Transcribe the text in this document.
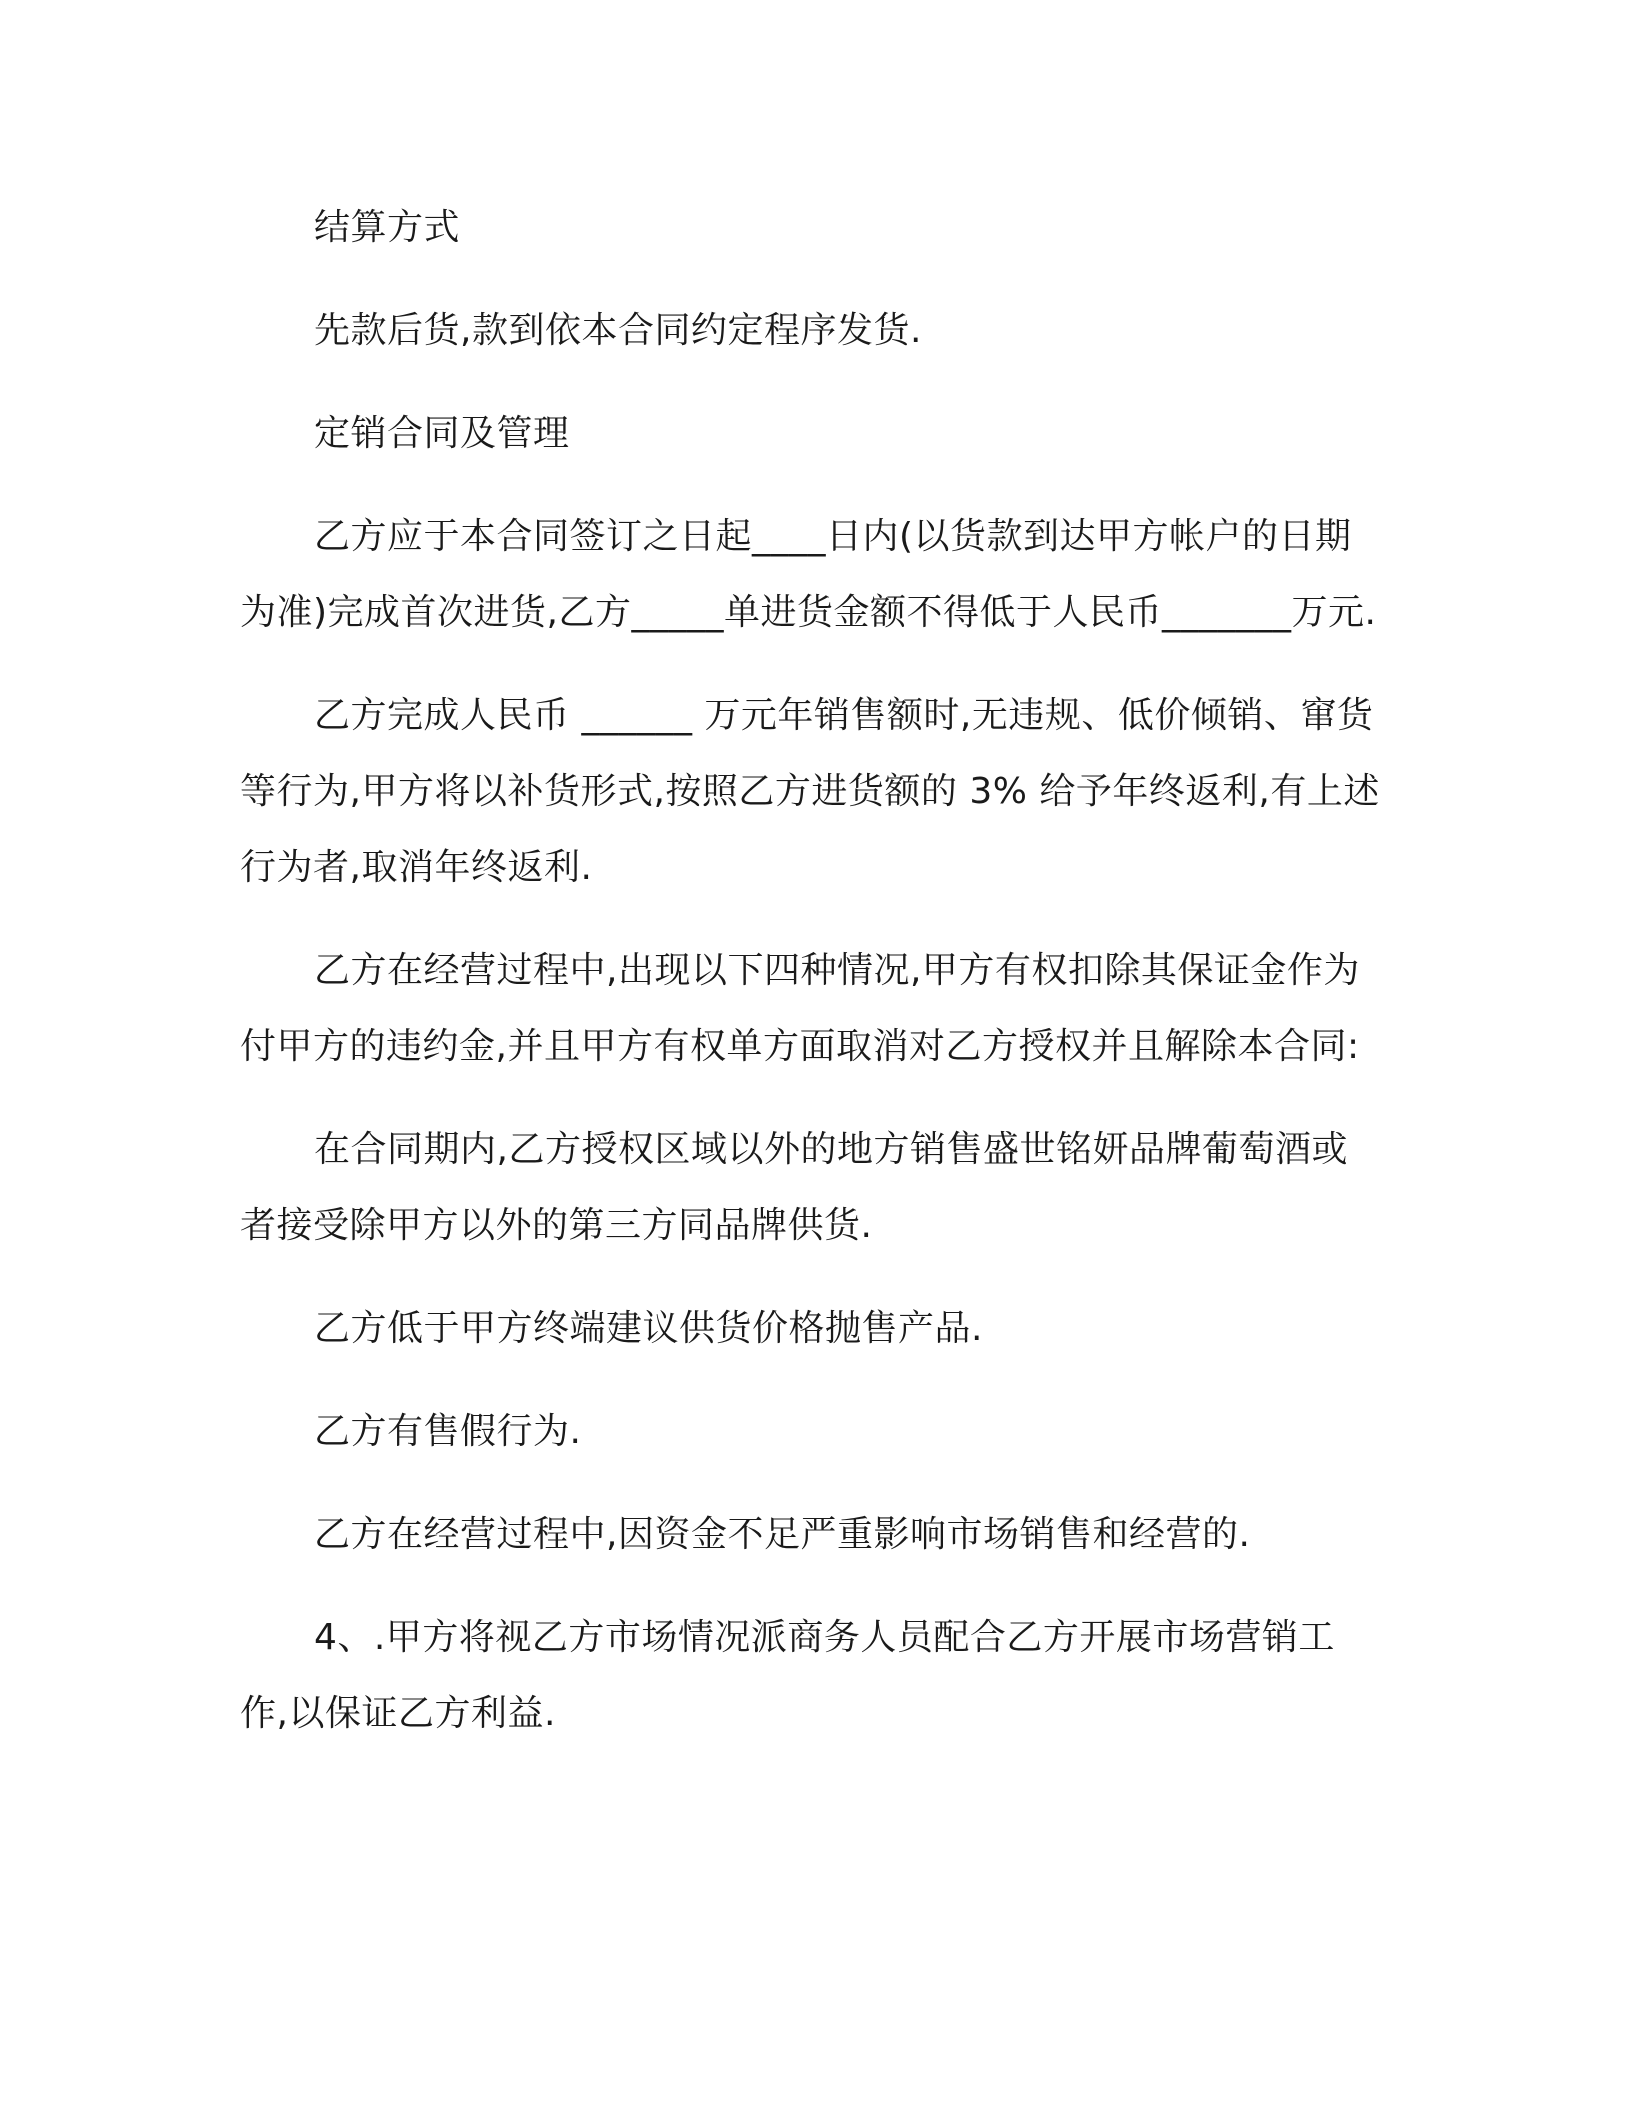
结算方式

先款后货,款到依本合同约定程序发货.

定销合同及管理

乙方应于本合同签订之日起____日内(以货款到达甲方帐户的日期为准)完成首次进货,乙方_____单进货金额不得低于人民币_______万元.

乙方完成人民币 ______ 万元年销售额时,无违规、低价倾销、窜货等行为,甲方将以补货形式,按照乙方进货额的 3% 给予年终返利,有上述行为者,取消年终返利.

乙方在经营过程中,出现以下四种情况,甲方有权扣除其保证金作为付甲方的违约金,并且甲方有权单方面取消对乙方授权并且解除本合同:

在合同期内,乙方授权区域以外的地方销售盛世铭妍品牌葡萄酒或者接受除甲方以外的第三方同品牌供货.

乙方低于甲方终端建议供货价格抛售产品.

乙方有售假行为.

乙方在经营过程中,因资金不足严重影响市场销售和经营的.

4、.甲方将视乙方市场情况派商务人员配合乙方开展市场营销工作,以保证乙方利益.
